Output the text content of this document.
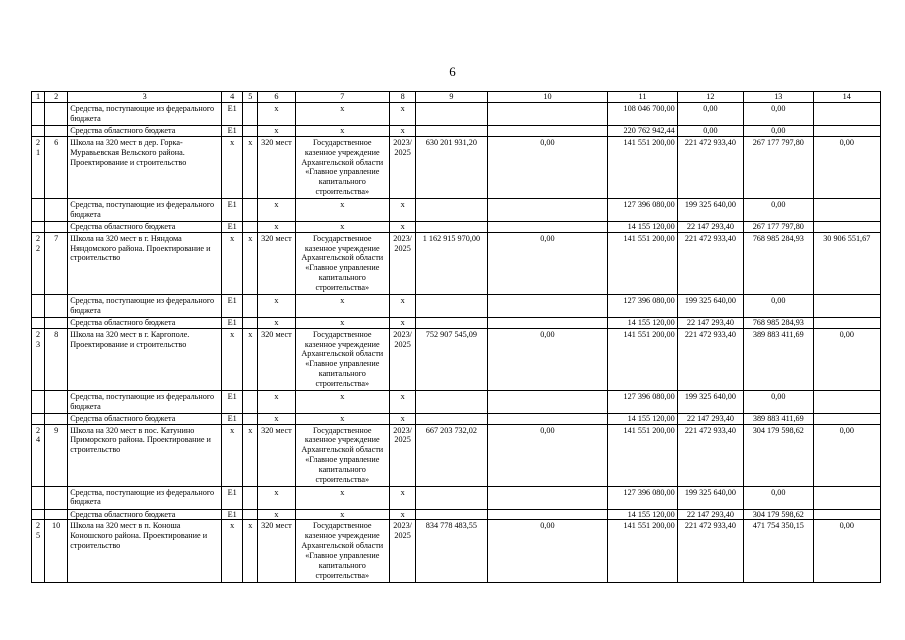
6
1	2	3	4	5	6	7	8	9	10	11	12	13	14
		Средства, поступающие из федерального бюджета	E1		x	x	x			108 046 700,00	0,00	0,00	
		Средства областного бюджета	E1		x	x	x			220 762 942,44	0,00	0,00	
21	6	Школа на 320 мест в дер. Горка-Муравьевская Вельского района. Проектирование и строительство	x	x	320 мест	Государственное казенное учреждение Архангельской области «Главное управление капитального строительства»	2023/ 2025	630 201 931,20	0,00	141 551 200,00	221 472 933,40	267 177 797,80	0,00
		Средства, поступающие из федерального бюджета	E1		x	x	x			127 396 080,00	199 325 640,00	0,00	
		Средства областного бюджета	E1		x	x	x			14 155 120,00	22 147 293,40	267 177 797,80	
22	7	Школа на 320 мест в г. Няндома Няндомского района. Проектирование и строительство	x	x	320 мест	Государственное казенное учреждение Архангельской области «Главное управление капитального строительства»	2023/ 2025	1 162 915 970,00	0,00	141 551 200,00	221 472 933,40	768 985 284,93	30 906 551,67
		Средства, поступающие из федерального бюджета	E1		x	x	x			127 396 080,00	199 325 640,00	0,00	
		Средства областного бюджета	E1		x	x	x			14 155 120,00	22 147 293,40	768 985 284,93	
23	8	Школа на 320 мест в г. Каргополе. Проектирование и строительство	x	x	320 мест	Государственное казенное учреждение Архангельской области «Главное управление капитального строительства»	2023/ 2025	752 907 545,09	0,00	141 551 200,00	221 472 933,40	389 883 411,69	0,00
		Средства, поступающие из федерального бюджета	E1		x	x	x			127 396 080,00	199 325 640,00	0,00	
		Средства областного бюджета	E1		x	x	x			14 155 120,00	22 147 293,40	389 883 411,69	
24	9	Школа на 320 мест в пос. Катунино Приморского района. Проектирование и строительство	x	x	320 мест	Государственное казенное учреждение Архангельской области «Главное управление капитального строительства»	2023/ 2025	667 203 732,02	0,00	141 551 200,00	221 472 933,40	304 179 598,62	0,00
		Средства, поступающие из федерального бюджета	E1		x	x	x			127 396 080,00	199 325 640,00	0,00	
		Средства областного бюджета	E1		x	x	x			14 155 120,00	22 147 293,40	304 179 598,62	
25	10	Школа на 320 мест в п. Коноша Коношского района. Проектирование и строительство	x	x	320 мест	Государственное казенное учреждение Архангельской области «Главное управление капитального строительства»	2023/ 2025	834 778 483,55	0,00	141 551 200,00	221 472 933,40	471 754 350,15	0,00
